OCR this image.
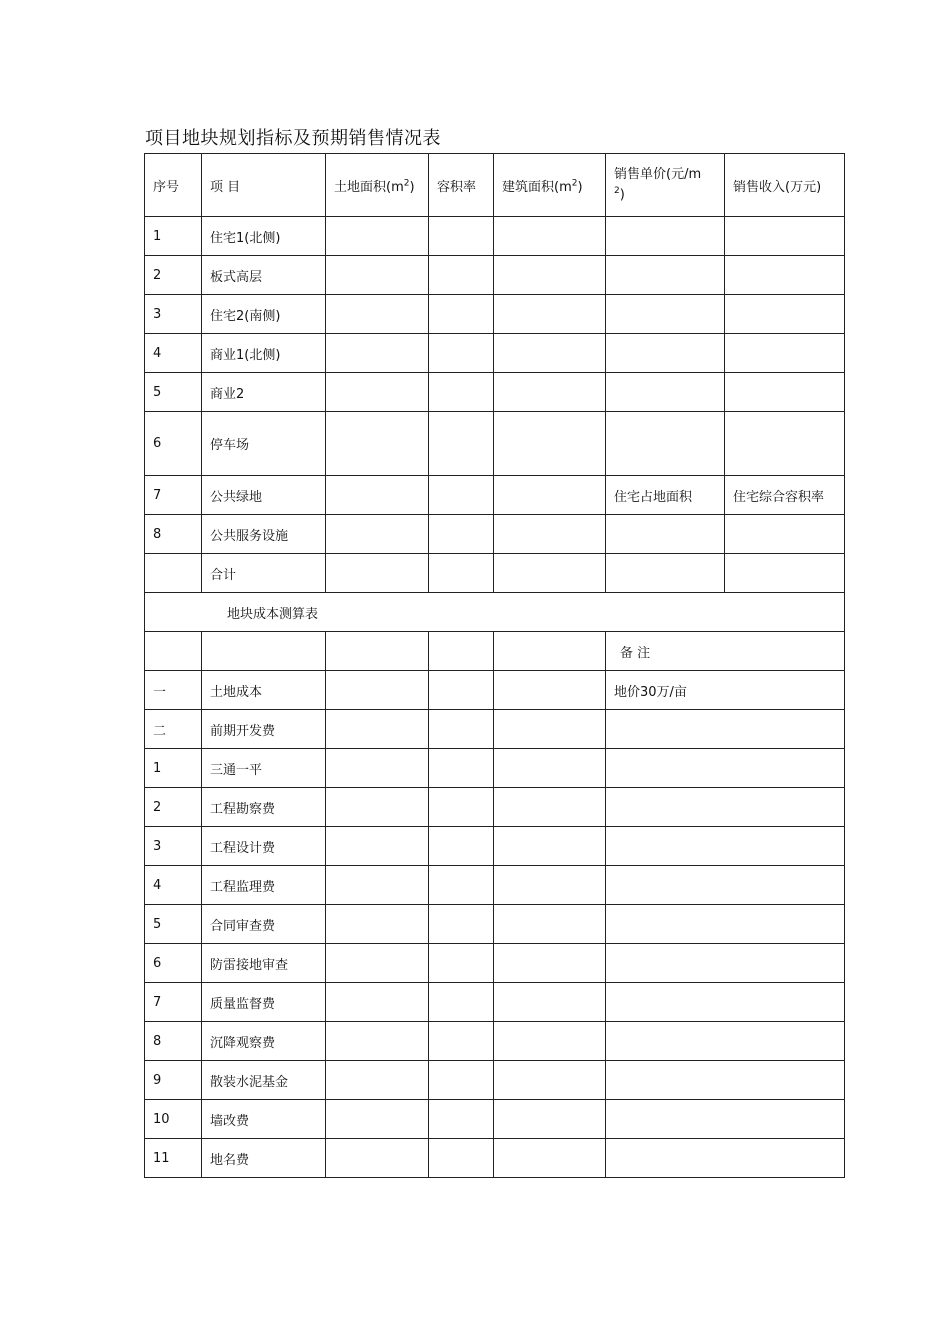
项目地块规划指标及预期销售情况表
序号	项 目	土地面积$(m^2)$	容积率	建筑面积$(m^2)$	销售单价(元/m
$^2$)	销售收入(万元)
1	住宅1(北侧)					
2	板式高层					
3	住宅2(南侧)					
4	商业1(北侧)					
5	商业2					
6	停车场					
7	公共绿地				住宅占地面积	住宅综合容积率
8	公共服务设施					
	合计					
地块成本测算表						
					备 注	
一	土地成本				地价30万/亩	
二	前期开发费					
1	三通一平					
2	工程勘察费					
3	工程设计费					
4	工程监理费					
5	合同审查费					
6	防雷接地审查					
7	质量监督费					
8	沉降观察费					
9	散装水泥基金					
10	墙改费					
11	地名费					
